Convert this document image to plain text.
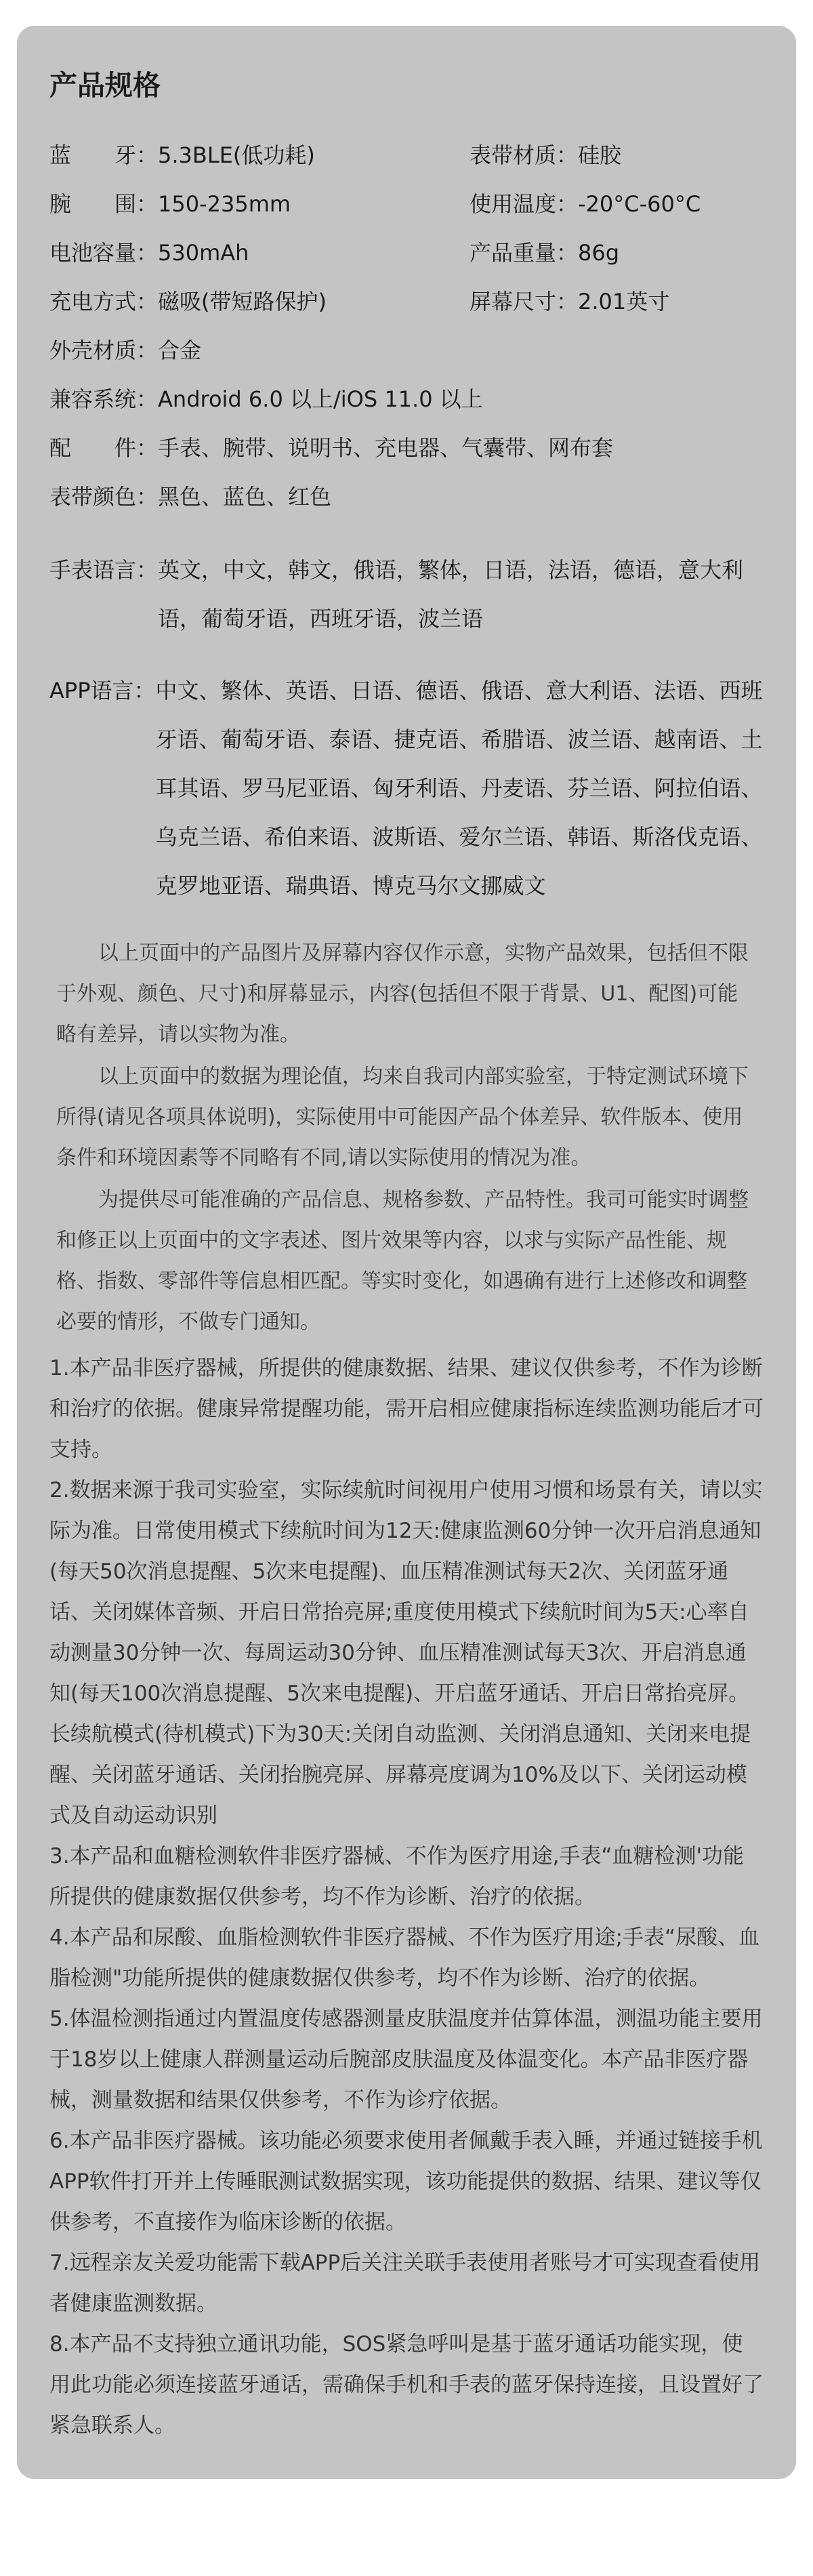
产品规格
蓝　　牙：5.3BLE(低功耗)	表带材质：硅胶
腕　　围：150-235mm	使用温度：-20°C-60°C
电池容量：530mAh	产品重量：86g
充电方式：磁吸(带短路保护)	屏幕尺寸：2.01英寸
外壳材质：合金
兼容系统：Android 6.0 以上/iOS 11.0 以上
配　　件：手表、腕带、说明书、充电器、气囊带、网布套
表带颜色：黑色、蓝色、红色
手表语言： 英文，中文，韩文，俄语，繁体，日语，法语，德语，意大利语，葡萄牙语，西班牙语，波兰语
APP语言： 中文、繁体、英语、日语、德语、俄语、意大利语、法语、西班牙语、葡萄牙语、泰语、捷克语、希腊语、波兰语、越南语、土耳其语、罗马尼亚语、匈牙利语、丹麦语、芬兰语、阿拉伯语、乌克兰语、希伯来语、波斯语、爱尔兰语、韩语、斯洛伐克语、克罗地亚语、瑞典语、博克马尔文挪威文

以上页面中的产品图片及屏幕内容仅作示意，实物产品效果，包括但不限于外观、颜色、尺寸)和屏幕显示，内容(包括但不限于背景、U1、配图)可能略有差异，请以实物为准。

以上页面中的数据为理论值，均来自我司内部实验室，于特定测试环境下所得(请见各项具体说明)，实际使用中可能因产品个体差异、软件版本、使用条件和环境因素等不同略有不同,请以实际使用的情况为准。

为提供尽可能准确的产品信息、规格参数、产品特性。我司可能实时调整和修正以上页面中的文字表述、图片效果等内容，以求与实际产品性能、规格、指数、零部件等信息相匹配。等实时变化，如遇确有进行上述修改和调整必要的情形，不做专门通知。

1.本产品非医疗器械，所提供的健康数据、结果、建议仅供参考，不作为诊断和治疗的依据。健康异常提醒功能，需开启相应健康指标连续监测功能后才可支持。

2.数据来源于我司实验室，实际续航时间视用户使用习惯和场景有关，请以实际为准。日常使用模式下续航时间为12天:健康监测60分钟一次开启消息通知(每天50次消息提醒、5次来电提醒)、血压精准测试每天2次、关闭蓝牙通话、关闭媒体音频、开启日常抬亮屏;重度使用模式下续航时间为5天:心率自动测量30分钟一次、每周运动30分钟、血压精准测试每天3次、开启消息通知(每天100次消息提醒、5次来电提醒)、开启蓝牙通话、开启日常抬亮屏。长续航模式(待机模式)下为30天:关闭自动监测、关闭消息通知、关闭来电提醒、关闭蓝牙通话、关闭抬腕亮屏、屏幕亮度调为10%及以下、关闭运动模式及自动运动识别

3.本产品和血糖检测软件非医疗器械、不作为医疗用途,手表“血糖检测'功能所提供的健康数据仅供参考，均不作为诊断、治疗的依据。

4.本产品和尿酸、血脂检测软件非医疗器械、不作为医疗用途;手表“尿酸、血脂检测"功能所提供的健康数据仅供参考，均不作为诊断、治疗的依据。

5.体温检测指通过内置温度传感器测量皮肤温度并估算体温，测温功能主要用于18岁以上健康人群测量运动后腕部皮肤温度及体温变化。本产品非医疗器械，测量数据和结果仅供参考，不作为诊疗依据。

6.本产品非医疗器械。该功能必须要求使用者佩戴手表入睡，并通过链接手机APP软件打开并上传睡眠测试数据实现，该功能提供的数据、结果、建议等仅供参考，不直接作为临床诊断的依据。

7.远程亲友关爱功能需下载APP后关注关联手表使用者账号才可实现查看使用者健康监测数据。

8.本产品不支持独立通讯功能，SOS紧急呼叫是基于蓝牙通话功能实现，使用此功能必须连接蓝牙通话，需确保手机和手表的蓝牙保持连接，且设置好了紧急联系人。
